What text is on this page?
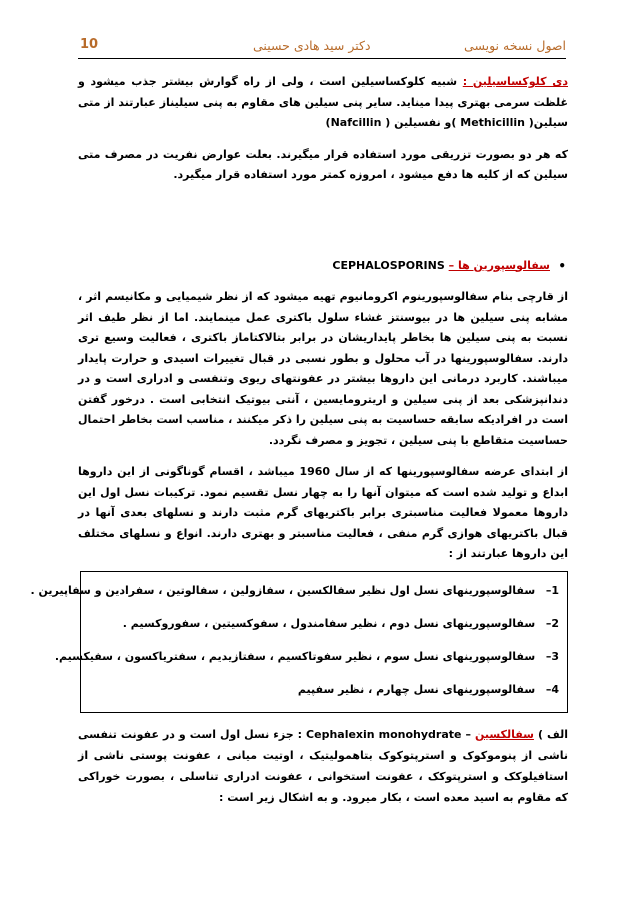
اصول نسخه نویسی
دکتر سید هادی حسینی
10

دی کلوکساسیلین : شبیه کلوکساسیلین است ، ولی از راه گوارش بیشتر جذب میشود و غلظت سرمی بهتری پیدا میناید. سایر پنی سیلین های مقاوم به پنی سیلیناز عبارتند از متی سیلین( Methicillin )و نفسیلین ( Nafcillin)

که هر دو بصورت تزریقی مورد استفاده قرار میگیرند. بعلت عوارض نفریت در مصرف متی سیلین که از کلیه ها دفع میشود ، امروزه کمتر مورد استفاده قرار میگیرد.

•
سفالوسپورین ها – CEPHALOSPORINS

از قارچی بنام سفالوسپورینوم اکرومانیوم تهیه میشود که از نظر شیمیایی و مکانیسم اثر ، مشابه پنی سیلین ها در بیوسنتز غشاء سلول باکتری عمل مینمایند. اما از نظر طیف اثر نسبت به پنی سیلین ها بخاطر پایداریشان در برابر بتالاکتاماز باکتری ، فعالیت وسیع تری دارند. سفالوسپورینها در آب محلول و بطور نسبی در قبال تغییرات اسیدی و حرارت پایدار میباشند. کاربرد درمانی این داروها بیشتر در عفونتهای ریوی وتنفسی و ادراری است و در دندانپزشکی بعد از پنی سیلین و اریترومایسین ، آنتی بیوتیک انتخابی است . درخور گفتن است در افرادیکه سابقه حساسیت به پنی سیلین را ذکر میکنند ، مناسب است بخاطر احتمال حساسیت متقاطع با پنی سیلین ، تجویز و مصرف نگردد.

از ابتدای عرضه سفالوسپورینها که از سال 1960 میباشد ، اقسام گوناگونی از این داروها ابداع و تولید شده است که میتوان آنها را به چهار نسل تقسیم نمود. ترکیبات نسل اول این داروها معمولا فعالیت مناسبتری برابر باکتریهای گرم مثبت دارند و نسلهای بعدی آنها در قبال باکتریهای هوازی گرم منفی ، فعالیت مناسبتر و بهتری دارند. انواع و نسلهای مختلف این داروها عبارتند از :

1– سفالوسپورینهای نسل اول نظیر سفالکسین ، سفازولین ، سفالوتین ، سفرادین و سفاپیرین .
2– سفالوسپورینهای نسل دوم ، نظیر سفامندول ، سفوکسیتین ، سفوروکسیم .
3– سفالوسپورینهای نسل سوم ، نظیر سفوتاکسیم ، سفتازیدیم ، سفتریاکسون ، سفیکسیم.
4– سفالوسپورینهای نسل چهارم ، نظیر سفپیم
الف ) سفالکسین – Cephalexin monohydrate : جزء نسل اول است و در عفونت تنفسی ناشی از پنوموکوک و استرپتوکوک بتاهمولیتیک ، اوتیت میانی ، عفونت پوستی ناشی از استافیلوکک و استرپتوکک ، عفونت استخوانی ، عفونت ادراری تناسلی ، بصورت خوراکی که مقاوم به اسید معده است ، بکار میرود. و به اشکال زیر است :
